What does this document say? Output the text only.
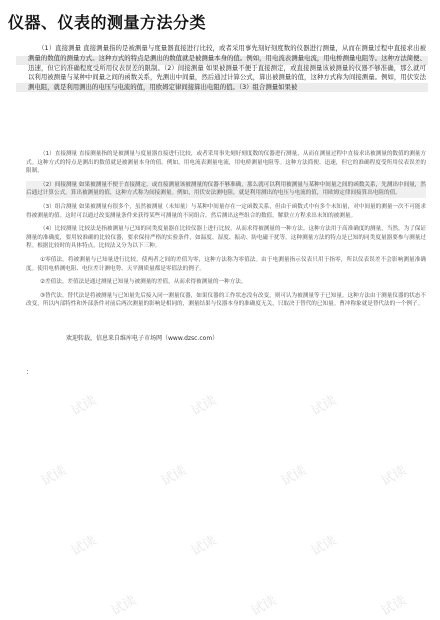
仪器、仪表的测量方法分类
（1）直接测量 直接测量指的是被测量与度量器直接进行比较，或者采用事先刻好刻度数的仪器进行测量，从而在测量过程中直接求出被测量的数值的测量方式。这种方式的特点是测出的数值就是被测量本身的值。例如，用电流表测量电流，用电桥测量电阻等。这种方法简便、迅速，但它的准确程度受所用仪表误差的限制。（2）间接测量 如果被测量不便于直接测定，或直接测量该被测量的仪器不够准确，那么就可以利用被测量与某种中间量之间的函数关系，先测出中间量，然后通过计算公式，算出被测量的值，这种方式称为间接测量。例如，用伏安法测电阻，就是利用测出的电压与电流的值，用欧姆定律间接算出电阻的值。（3）组合测量如果被

（1）直接测量 直接测量指的是被测量与度量器直接进行比较，或者采用事先刻好刻度数的仪器进行测量，从而在测量过程中直接求出被测量的数值的测量方式。这种方式的特点是测出的数值就是被测量本身的值。例如，用电流表测量电流，用电桥测量电阻等。这种方法简便、迅速，但它的准确程度受所用仪表误差的限制。

（2）间接测量 如果被测量不便于直接测定，或直接测量该被测量的仪器不够准确，那么就可以利用被测量与某种中间量之间的函数关系，先测出中间量，然后通过计算公式，算出被测量的值，这种方式称为间接测量。例如，用伏安法测电阻，就是利用测出的电压与电流的值，用欧姆定律间接算出电阻的值。

（3）组合测量 如果被测量有很多个，虽然被测量（未知量）与某种中间量存在一定函数关系，但由于函数式中有多个未知量，对中间量的测量一次不可能求得被测量的值。这时可以通过改变测量条件来获得某些可测量的不同组合，然后测出这些组合的数值，解联立方程求出未知的被测量。

（4）比较测量 比较法是指被测量与已知的同类度量器在比较仪器上进行比较，从而求得被测量的一种方法。这种方法用于高准确度的测量，当然，为了保证测量的准确度，要用较准确的比较仪器，要求保持严格的实验条件，如温度、湿度、振动、防电磁干扰等，这种测量方法的特点是已知的同类度量器要参与测量过程。根据比较时的具体特点，比较法又分为以下三种。

①零值法。将被测量与已知量进行比较，使两者之间的差值为零，这种方法称为零值法。由于电测量指示仪表只用于指零，所以仪表误差不会影响测量准确度。使用电桥测电阻、电位差计测电势、天平测质量都是零值法的例子。

②差值法。差值法是通过测量已知量与被测量的差值，从而求得被测量的一种方法。

③替代法。替代法是将被测量与已知量先后接入同一测量仪器，如果仪器的工作状态没有改变，则可认为被测量等于已知量。这种方法由于测量仪器的状态不改变，所以内部特性和外部条件对前后两次测量的影响是相同的，测量结果与仪器本身的准确度无关，只取决于替代的已知量。曹冲称象就是替代法的一个例子。

欢迎转载，信息来自维库电子市场网（www.dzsc.com）
：
试读	试读	试读
试读	试读	试读	试读
试读	试读	试读
试读	试读	试读
